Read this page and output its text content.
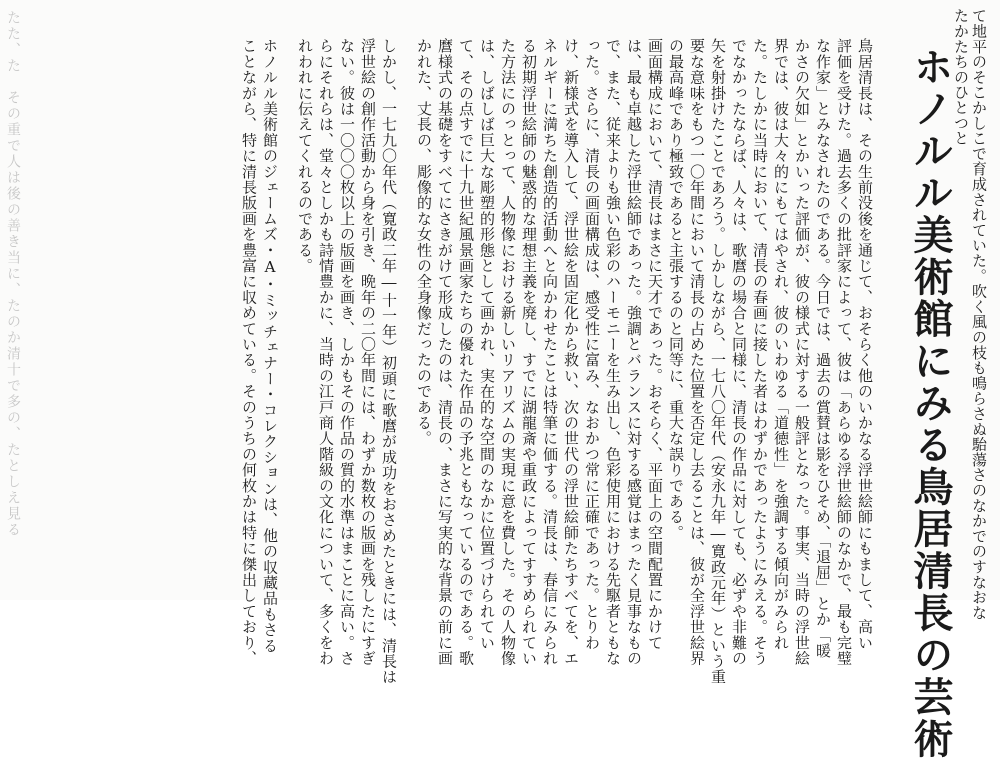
て地平のそこかしこで育成されていた。吹く風の枝も鳴らさぬ駘蕩さのなかでのすなおな
たかたちのひとつと
ホノルル美術館にみる鳥居清長の芸術
鳥居清長は、その生前没後を通じて、おそらく他のいかなる浮世絵師にもまして、高い
評価を受けた。過去多くの批評家によって、彼は「あらゆる浮世絵師のなかで、最も完璧
な作家」とみなされたのである。今日では、過去の賞賛は影をひそめ、「退屈」とか「暖
かさの欠如」とかいった評価が、彼の様式に対する一般評となった。事実、当時の浮世絵
界では、彼は大々的にもてはやされ、彼のいわゆる「道徳性」を強調する傾向がみられ
た。たしかに当時において、清長の春画に接した者はわずかであったようにみえる。そう
でなかったならば、人々は、歌麿の場合と同様に、清長の作品に対しても、必ずや非難の
矢を射掛けたことであろう。しかしながら、一七八〇年代（安永九年―寛政元年）という重
要な意味をもつ一〇年間において清長の占めた位置を否定し去ることは、彼が全浮世絵界
の最高峰であり極致であると主張するのと同等に、重大な誤りである。
画面構成において、清長はまさに天才であった。おそらく、平面上の空間配置にかけて
は、最も卓越した浮世絵師であった。強調とバランスに対する感覚はまったく見事なもの
で、また、従来よりも強い色彩のハーモニーを生み出し、色彩使用における先駆者ともな
った。さらに、清長の画面構成は、感受性に富み、なおかつ常に正確であった。とりわ
け、新様式を導入して、浮世絵を固定化から救い、次の世代の浮世絵師たちすべてを、エ
ネルギーに満ちた創造的活動へと向かわせたことは特筆に価する。清長は、春信にみられ
る初期浮世絵師の魅惑的な理想主義を廃し、すでに湖龍斎や重政によってすすめられてい
た方法にのっとって、人物像における新しいリアリズムの実現に意を費した。その人物像
は、しばしば巨大な彫塑的形態として画かれ、実在的な空間のなかに位置づけられてい
て、その点すでに十九世紀風景画家たちの優れた作品の予兆ともなっているのである。歌
麿様式の基礎をすべてにさきがけて形成したのは、清長の、まさに写実的な背景の前に画
かれた、丈長の、彫像的な女性の全身像だったのである。
しかし、一七九〇年代（寛政二年―十一年）初頭に歌麿が成功をおさめたときには、清長は
浮世絵の創作活動から身を引き、晩年の二〇年間には、わずか数枚の版画を残したにすぎ
ない。彼は一〇〇〇枚以上の版画を画き、しかもその作品の質的水準はまことに高い。さ
らにそれらは、堂々としかも詩情豊かに、当時の江戸商人階級の文化について、多くをわ
れわれに伝えてくれるのである。
ホノルル美術館のジェームズ・A・ミッチェナー・コレクションは、他の収蔵品もさる
ことながら、特に清長版画を豊富に収めている。そのうちの何枚かは特に傑出しており、
たた、た　その重で人は後の善き当に、たのか清十で多の、たとしえ見る
